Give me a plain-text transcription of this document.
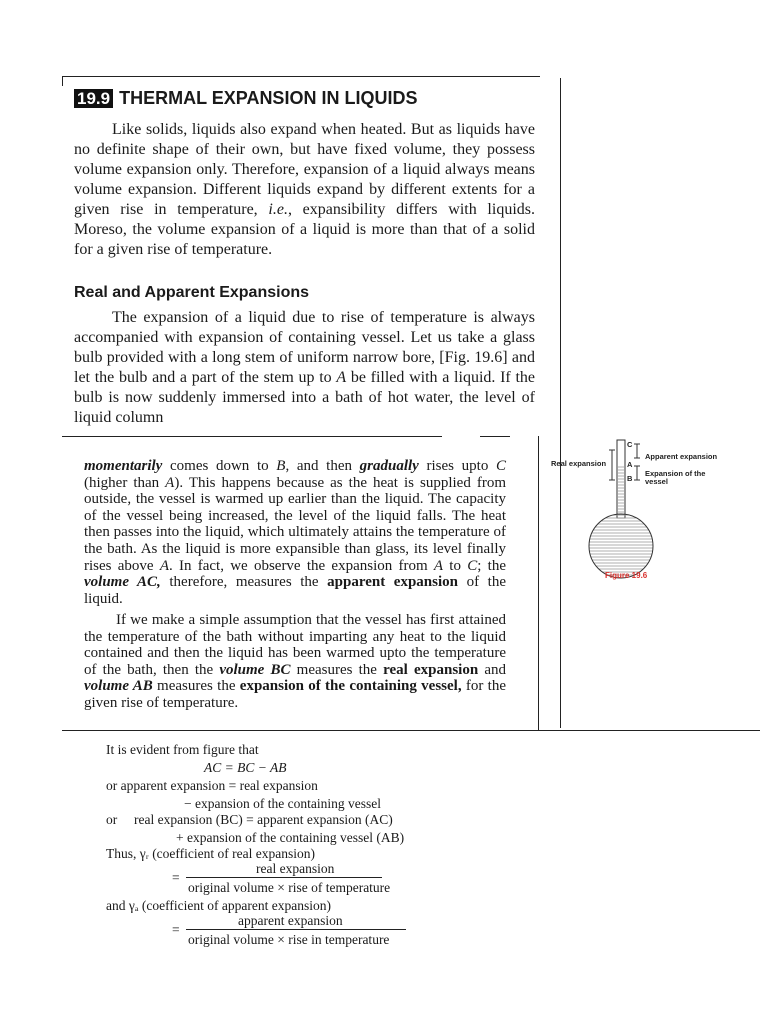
19.9 THERMAL EXPANSION IN LIQUIDS
Like solids, liquids also expand when heated. But as liquids have no definite shape of their own, but have fixed volume, they possess volume expansion only. Therefore, expansion of a liquid always means volume expansion. Different liquids expand by different extents for a given rise in temperature, i.e., expansibility differs with liquids. Moreso, the volume expansion of a liquid is more than that of a solid for a given rise of temperature.
Real and Apparent Expansions
The expansion of a liquid due to rise of temperature is always accompanied with expansion of containing vessel. Let us take a glass bulb provided with a long stem of uniform narrow bore, [Fig. 19.6] and let the bulb and a part of the stem up to A be filled with a liquid. If the bulb is now suddenly immersed into a bath of hot water, the level of liquid column
momentarily comes down to B, and then gradually rises upto C (higher than A). This happens because as the heat is supplied from outside, the vessel is warmed up earlier than the liquid. The capacity of the vessel being increased, the level of the liquid falls. The heat then passes into the liquid, which ultimately attains the temperature of the bath. As the liquid is more expansible than glass, its level finally rises above A. In fact, we observe the expansion from A to C; the volume AC, therefore, measures the apparent expansion of the liquid.
If we make a simple assumption that the vessel has first attained the temperature of the bath without imparting any heat to the liquid contained and then the liquid has been warmed upto the temperature of the bath, then the volume BC measures the real expansion and volume AB measures the expansion of the containing vessel, for the given rise of temperature.
C
A
B
Real expansion
Apparent expansion
Expansion of the
vessel
Figure 19.6
It is evident from figure that
AC = BC − AB
or apparent expansion = real expansion
− expansion of the containing vessel
or real expansion (BC) = apparent expansion (AC)
+ expansion of the containing vessel (AB)
Thus, γᵣ (coefficient of real expansion)
real expansion
=
original volume × rise of temperature
and γₐ (coefficient of apparent expansion)
apparent expansion
=
original volume × rise in temperature
